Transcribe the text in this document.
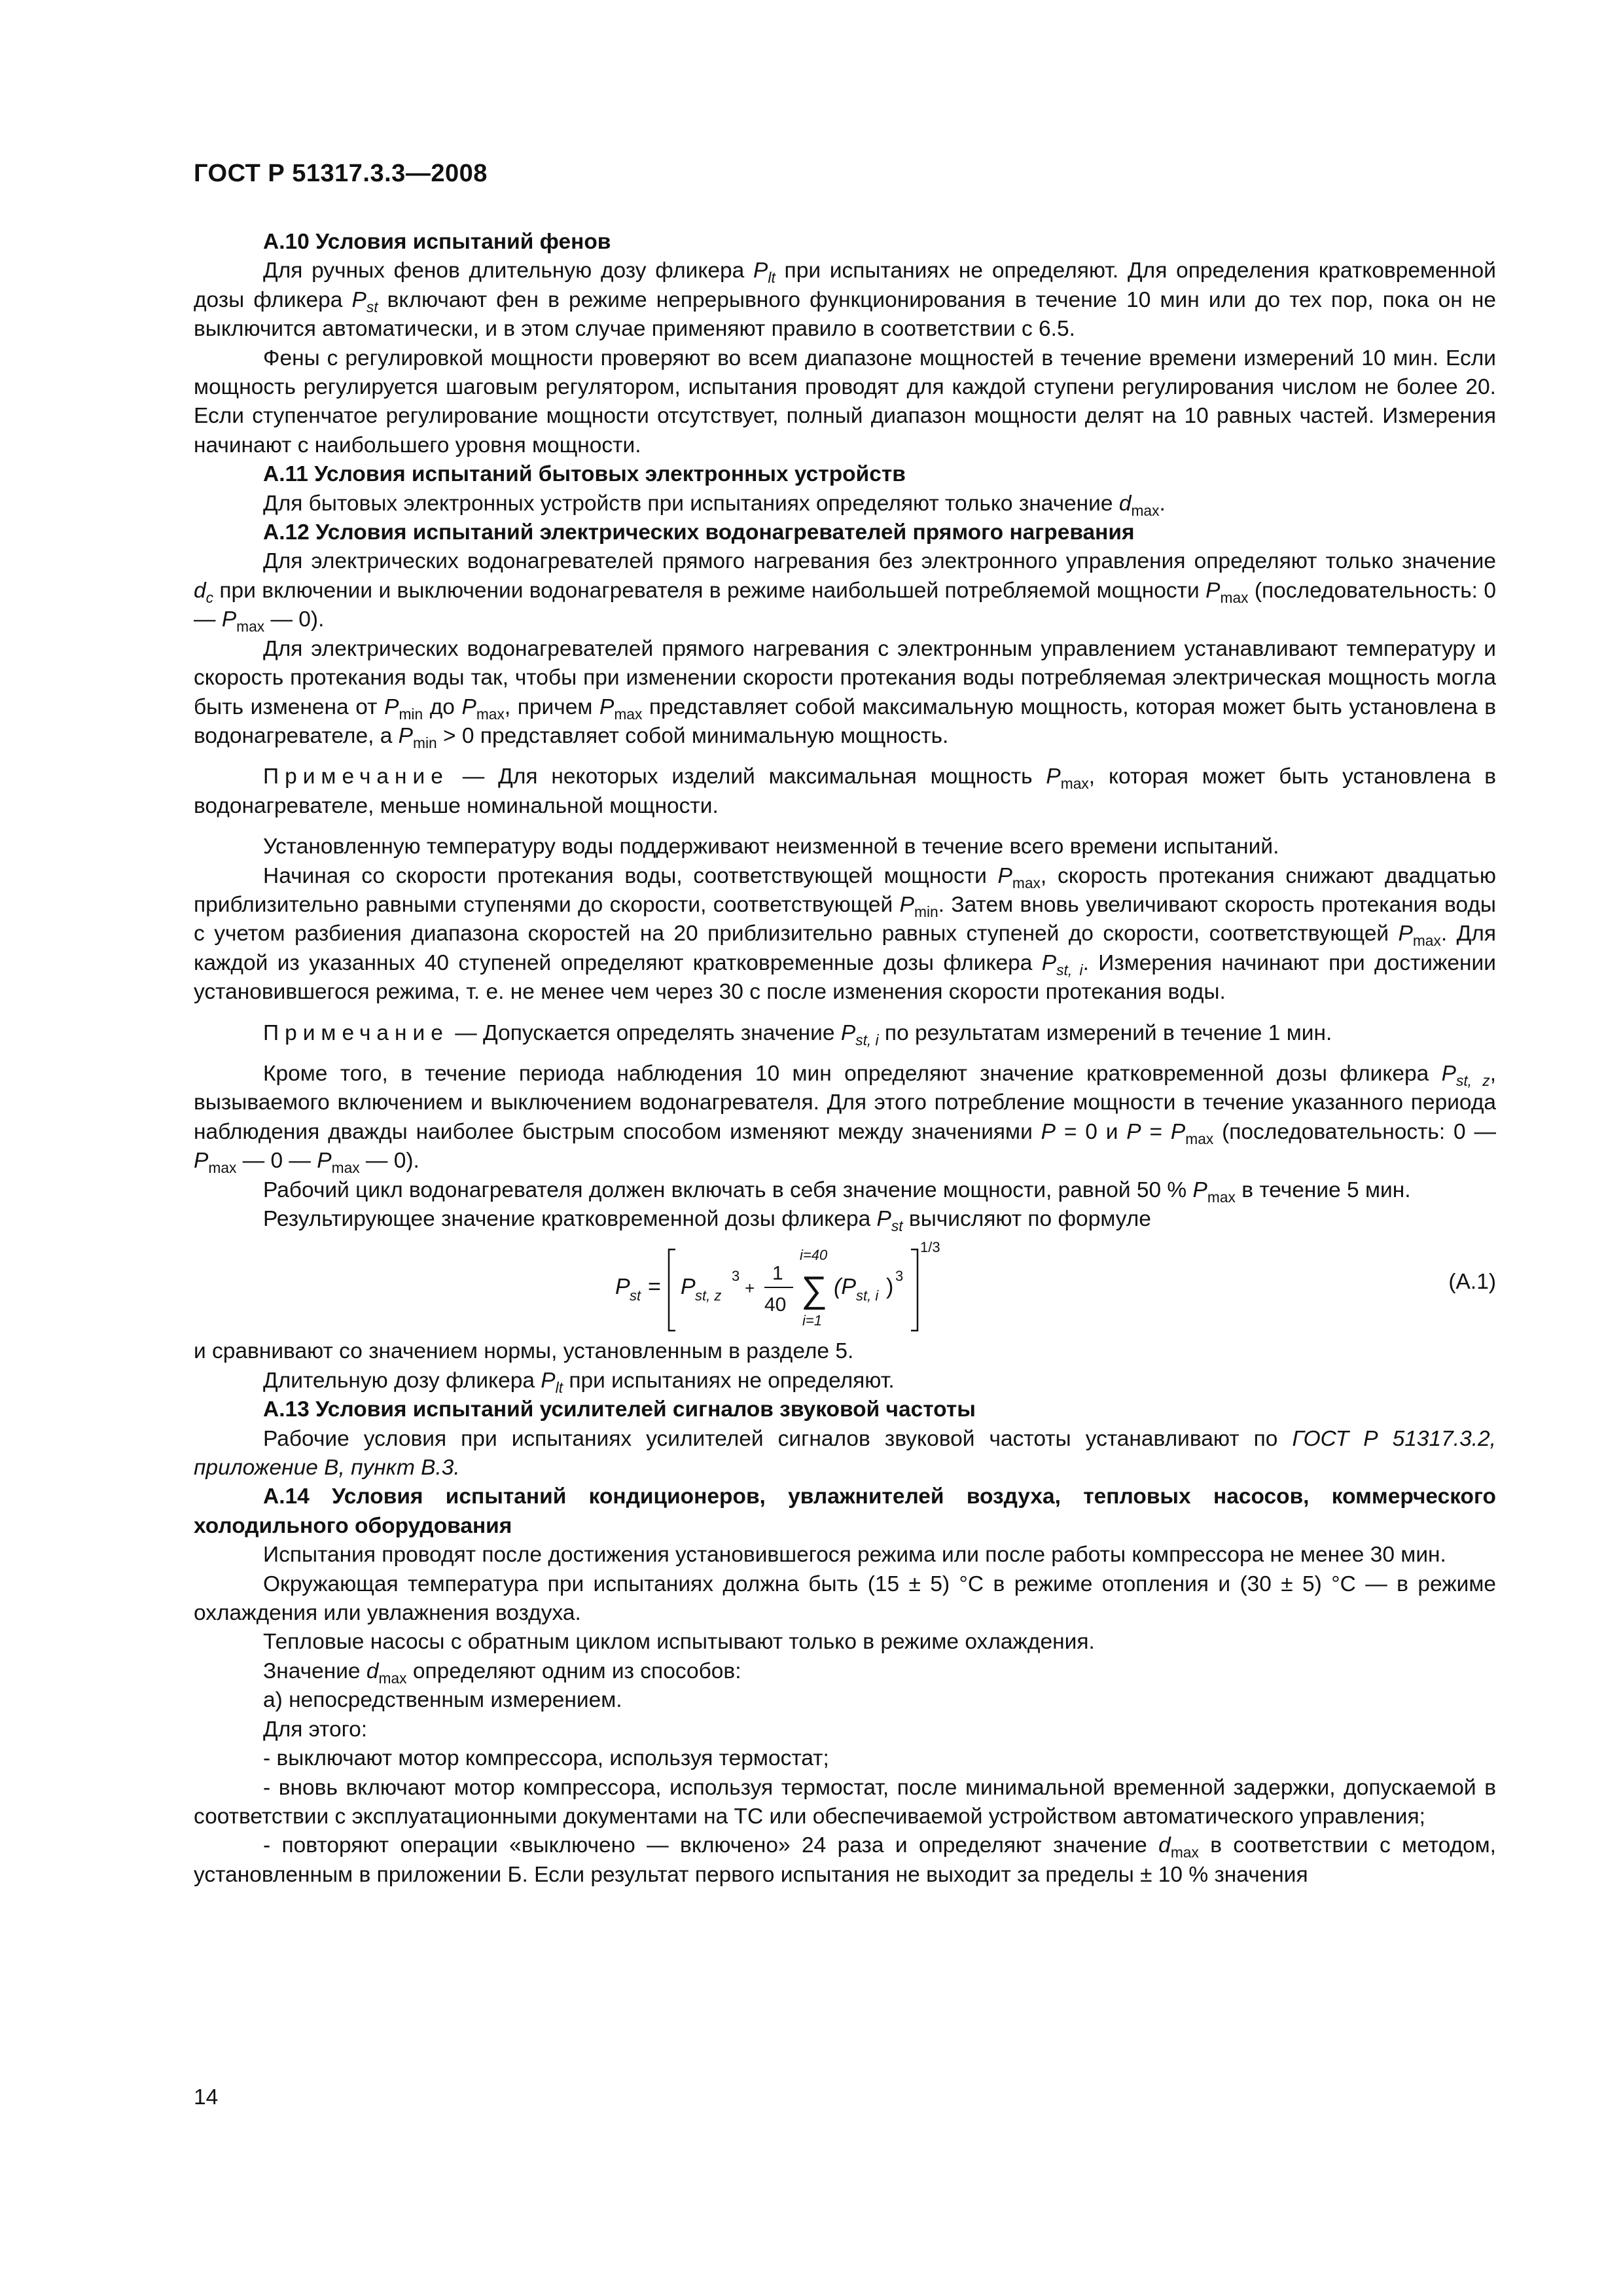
ГОСТ Р 51317.3.3—2008
А.10 Условия испытаний фенов

Для ручных фенов длительную дозу фликера $P_{lt}$ при испытаниях не определяют. Для определения кратковременной дозы фликера $P_{st}$ включают фен в режиме непрерывного функционирования в течение 10 мин или до тех пор, пока он не выключится автоматически, и в этом случае применяют правило в соответствии с 6.5.

Фены с регулировкой мощности проверяют во всем диапазоне мощностей в течение времени измерений 10 мин. Если мощность регулируется шаговым регулятором, испытания проводят для каждой ступени регулирования числом не более 20. Если ступенчатое регулирование мощности отсутствует, полный диапазон мощности делят на 10 равных частей. Измерения начинают с наибольшего уровня мощности.

А.11 Условия испытаний бытовых электронных устройств

Для бытовых электронных устройств при испытаниях определяют только значение $d_{max}$.

А.12 Условия испытаний электрических водонагревателей прямого нагревания

Для электрических водонагревателей прямого нагревания без электронного управления определяют только значение $d_c$ при включении и выключении водонагревателя в режиме наибольшей потребляемой мощности $P_{max}$ (последовательность: 0 — $P_{max}$ — 0).

Для электрических водонагревателей прямого нагревания с электронным управлением устанавливают температуру и скорость протекания воды так, чтобы при изменении скорости протекания воды потребляемая электрическая мощность могла быть изменена от $P_{min}$ до $P_{max}$, причем $P_{max}$ представляет собой максимальную мощность, которая может быть установлена в водонагревателе, а $P_{min} > 0$ представляет собой минимальную мощность.

Примечание — Для некоторых изделий максимальная мощность $P_{max}$, которая может быть установлена в водонагревателе, меньше номинальной мощности.

Установленную температуру воды поддерживают неизменной в течение всего времени испытаний.

Начиная со скорости протекания воды, соответствующей мощности $P_{max}$, скорость протекания снижают двадцатью приблизительно равными ступенями до скорости, соответствующей $P_{min}$. Затем вновь увеличивают скорость протекания воды с учетом разбиения диапазона скоростей на 20 приблизительно равных ступеней до скорости, соответствующей $P_{max}$. Для каждой из указанных 40 ступеней определяют кратковременные дозы фликера $P_{st, i}$. Измерения начинают при достижении установившегося режима, т. е. не менее чем через 30 с после изменения скорости протекания воды.

Примечание — Допускается определять значение $P_{st, i}$ по результатам измерений в течение 1 мин.

Кроме того, в течение периода наблюдения 10 мин определяют значение кратковременной дозы фликера $P_{st, z}$, вызываемого включением и выключением водонагревателя. Для этого потребление мощности в течение указанного периода наблюдения дважды наиболее быстрым способом изменяют между значениями P = 0 и $P = P_{max}$ (последовательность: 0 — $P_{max}$ — 0 — $P_{max}$ — 0).

Рабочий цикл водонагревателя должен включать в себя значение мощности, равной 50 % $P_{max}$ в течение 5 мин.

Результирующее значение кратковременной дозы фликера $P_{st}$ вычисляют по формуле

P st = P st, z
3
+
1
40
i=40
∑
i=1
(P st, i ) 3
1/3
(А.1)

и сравнивают со значением нормы, установленным в разделе 5.

Длительную дозу фликера $P_{lt}$ при испытаниях не определяют.

А.13 Условия испытаний усилителей сигналов звуковой частоты

Рабочие условия при испытаниях усилителей сигналов звуковой частоты устанавливают по ГОСТ Р 51317.3.2, приложение В, пункт В.3.

А.14 Условия испытаний кондиционеров, увлажнителей воздуха, тепловых насосов, коммерческого холодильного оборудования

Испытания проводят после достижения установившегося режима или после работы компрессора не менее 30 мин.

Окружающая температура при испытаниях должна быть (15 ± 5) °С в режиме отопления и (30 ± 5) °С — в режиме охлаждения или увлажнения воздуха.

Тепловые насосы с обратным циклом испытывают только в режиме охлаждения.

Значение $d_{max}$ определяют одним из способов:

а) непосредственным измерением.

Для этого:

- выключают мотор компрессора, используя термостат;

- вновь включают мотор компрессора, используя термостат, после минимальной временной задержки, допускаемой в соответствии с эксплуатационными документами на ТС или обеспечиваемой устройством автоматического управления;

- повторяют операции «выключено — включено» 24 раза и определяют значение $d_{max}$ в соответствии с методом, установленным в приложении Б. Если результат первого испытания не выходит за пределы ± 10 % значения

14
